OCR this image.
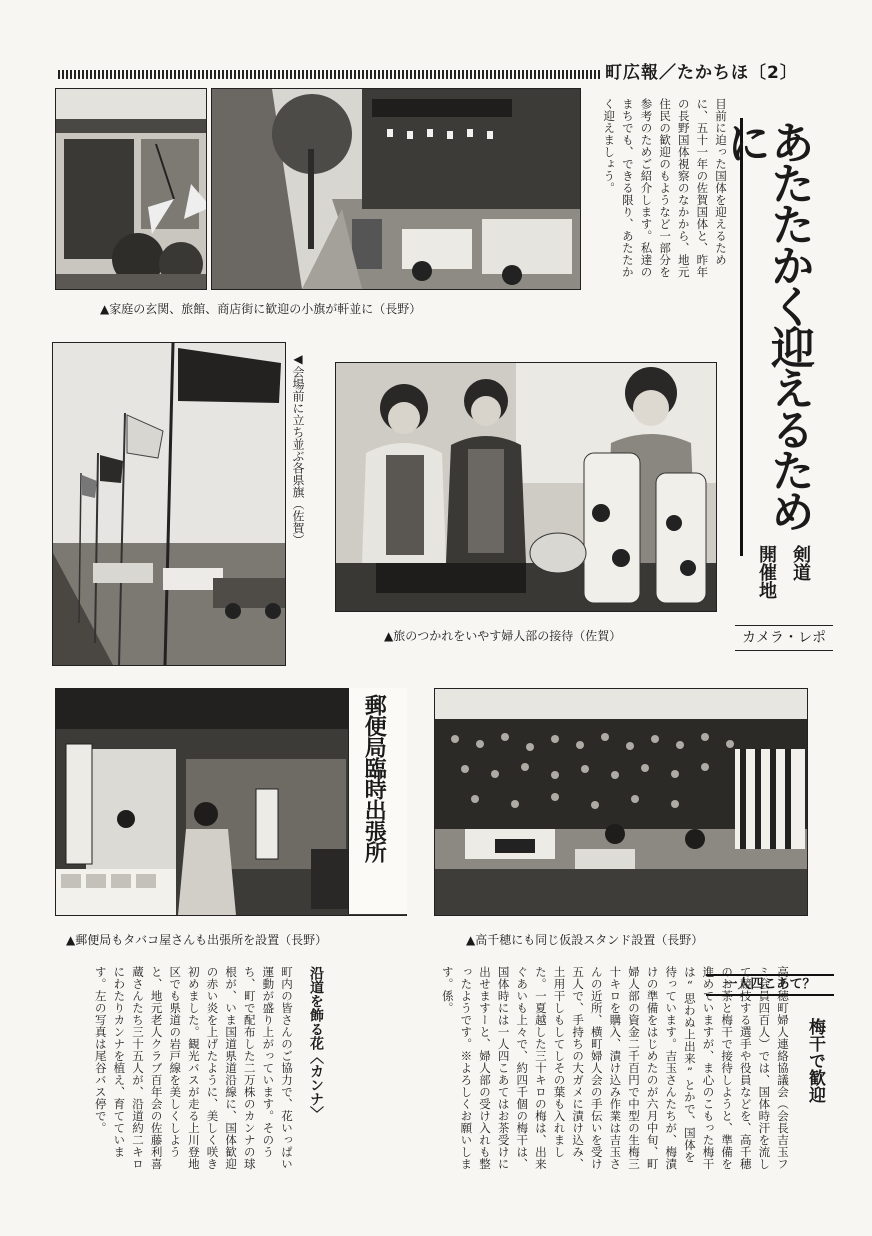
町広報／たかちほ〔2〕
目前に迫った国体を迎えるために、五十一年の佐賀国体と、昨年の長野国体視察のなかから、地元住民の歓迎のもようなど一部分を参考のためご紹介します。私達のまちでも、できる限り、あたたかく迎えましょう。
▲家庭の玄関、旅館、商店街に歓迎の小旗が軒並に（長野）	あたたかく迎えるために
剣道
開催地
カメラ・レポ
◀会場前に立ち並ぶ各県旗（佐賀）
▲旅のつかれをいやす婦人部の接待（佐賀）
郵便局臨時出張所
▲郵便局もタバコ屋さんも出張所を設置（長野）	▲高千穂にも同じ仮設スタンド設置（長野）
梅干で歓迎
一人四こあて？
高千穂町婦人連絡協議会（会長吉玉フミ会員四百人）では、国体時汗を流して競技する選手や役員などを、高千穂のお茶と梅干で接待しようと、準備を進めていますが、ま心のこもった梅干は“思わぬ上出来”とかで、国体を待っています。吉玉さんたちが、梅漬けの準備をはじめたのが六月中旬、町婦人部の資金二千百円で中型の生梅三十キロを購入、漬け込み作業は吉玉さんの近所、横町婦人会の手伝いを受け五人で、手持ちの大ガメに漬け込み、土用干しもしてしその葉も入れました。一夏越した三十キロの梅は、出来ぐあいも上々で、約四千個の梅干は、国体時には一人四こあてはお茶受けに出せますーと、婦人部の受け入れも整ったようです。※よろしくお願いします。係。
沿道を飾る花〈カンナ〉
町内の皆さんのご協力で、花いっぱい運動が盛り上がっています。そのうち、町で配布した二万株のカンナの球根が、いま国道県道沿線に、国体歓迎の赤い炎を上げたように、美しく咲き初めました。観光バスが走る上川登地区でも県道の岩戸線を美しくしようと、地元老人クラブ百年会の佐藤利喜蔵さんたち三十五人が、沿道約二キロにわたりカンナを植え、育てています。左の写真は尾谷バス停で。
